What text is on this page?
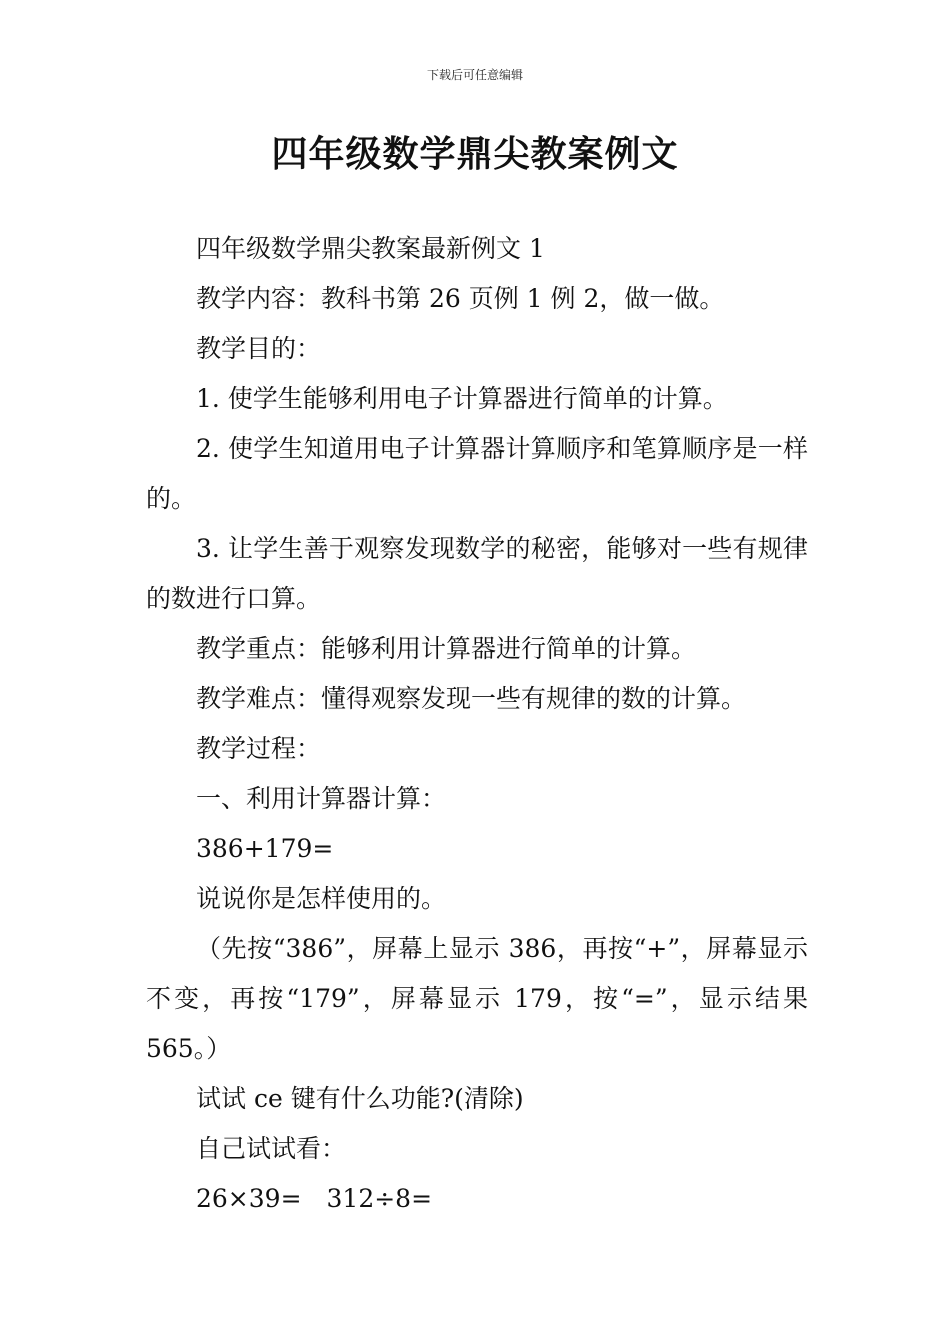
下载后可任意编辑
四年级数学鼎尖教案例文

四年级数学鼎尖教案最新例文 1

教学内容：教科书第 26 页例 1 例 2，做一做。

教学目的：

1. 使学生能够利用电子计算器进行简单的计算。

2. 使学生知道用电子计算器计算顺序和笔算顺序是一样的。

3. 让学生善于观察发现数学的秘密，能够对一些有规律的数进行口算。

教学重点：能够利用计算器进行简单的计算。

教学难点：懂得观察发现一些有规律的数的计算。

教学过程：

一、利用计算器计算：

386+179=

说说你是怎样使用的。

（先按“386”，屏幕上显示 386，再按“+”，屏幕显示不变，再按“179”，屏幕显示 179，按“=”，显示结果 565。）

试试 ce 键有什么功能?(清除)

自己试试看：

26×39=　312÷8=
